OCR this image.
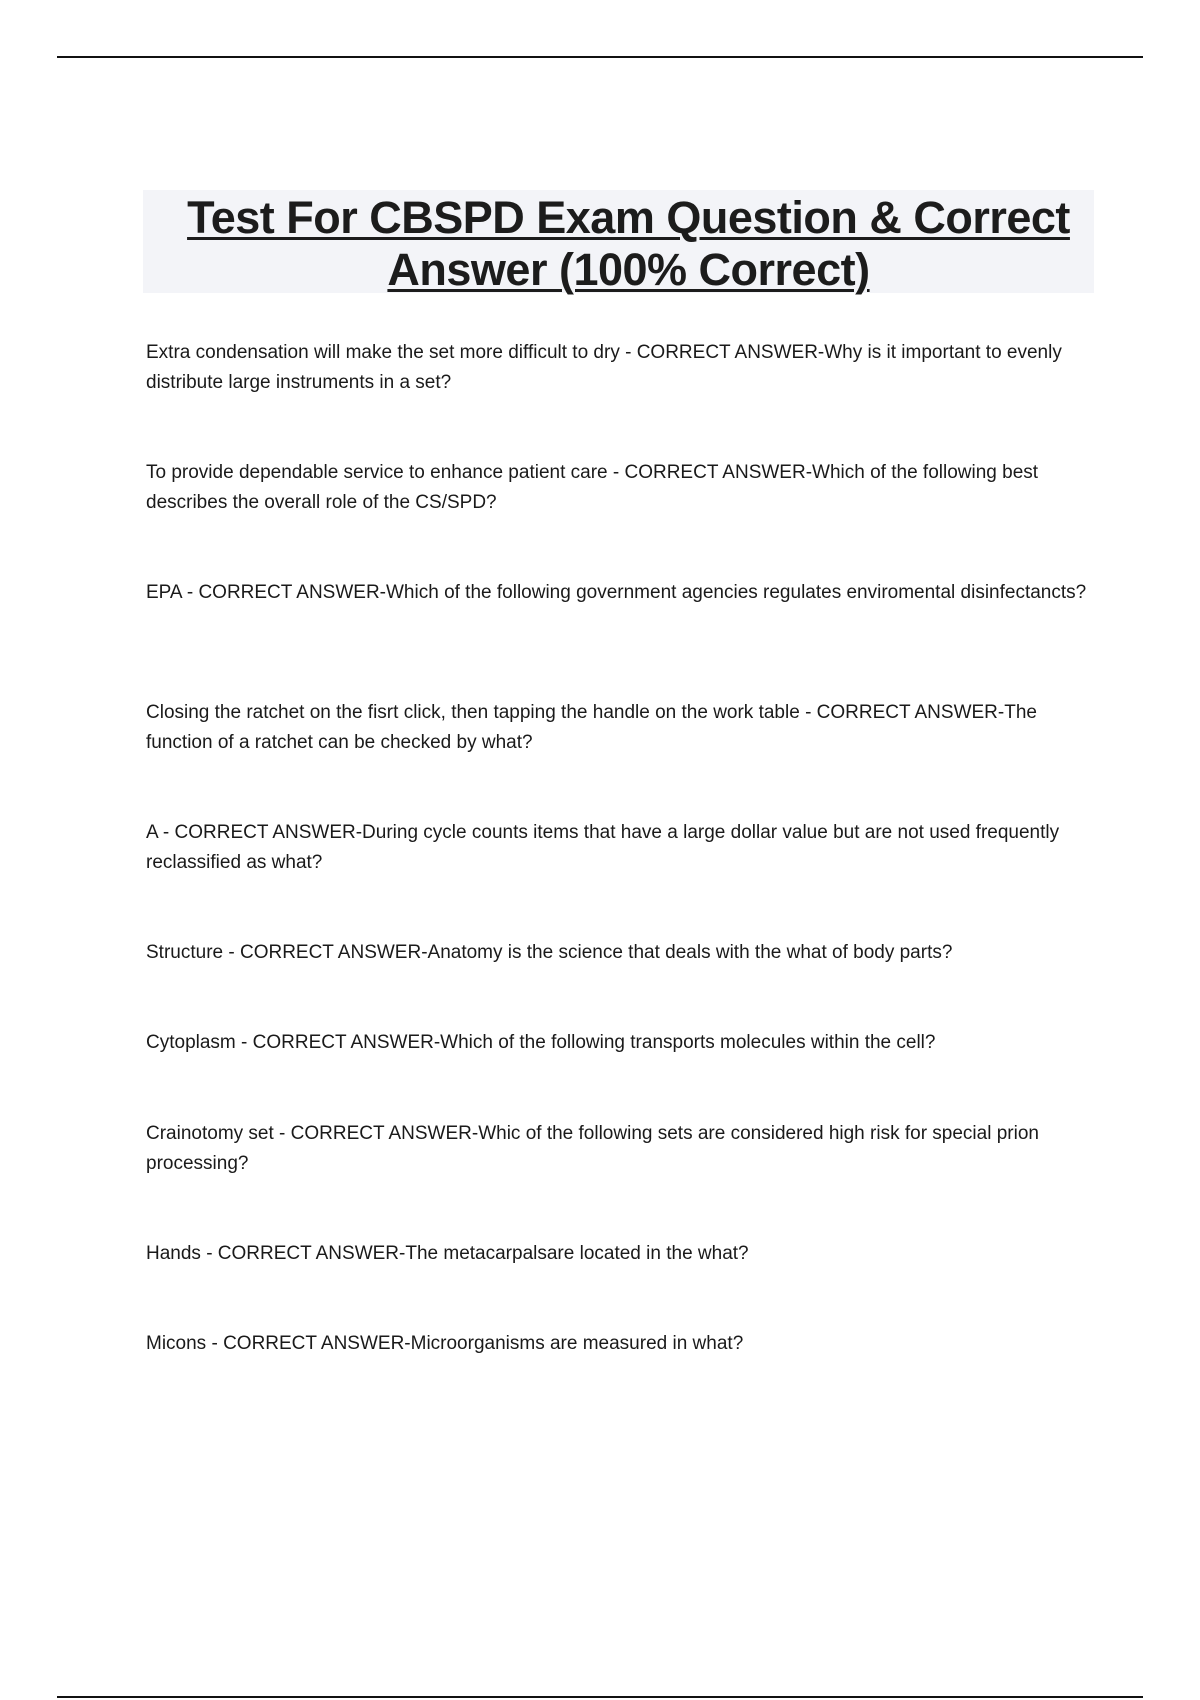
Test For CBSPD Exam Question & Correct Answer (100% Correct)
Extra condensation will make the set more difficult to dry - CORRECT ANSWER-Why is it important to evenly distribute large instruments in a set?
To provide dependable service to enhance patient care - CORRECT ANSWER-Which of the following best describes the overall role of the CS/SPD?
EPA - CORRECT ANSWER-Which of the following government agencies regulates enviromental disinfectancts?
Closing the ratchet on the fisrt click, then tapping the handle on the work table - CORRECT ANSWER-The function of a ratchet can be checked by what?
A - CORRECT ANSWER-During cycle counts items that have a large dollar value but are not used frequently reclassified as what?
Structure - CORRECT ANSWER-Anatomy is the science that deals with the what of body parts?
Cytoplasm - CORRECT ANSWER-Which of the following transports molecules within the cell?
Crainotomy set - CORRECT ANSWER-Whic of the following sets are considered high risk for special prion processing?
Hands - CORRECT ANSWER-The metacarpalsare located in the what?
Micons - CORRECT ANSWER-Microorganisms are measured in what?
